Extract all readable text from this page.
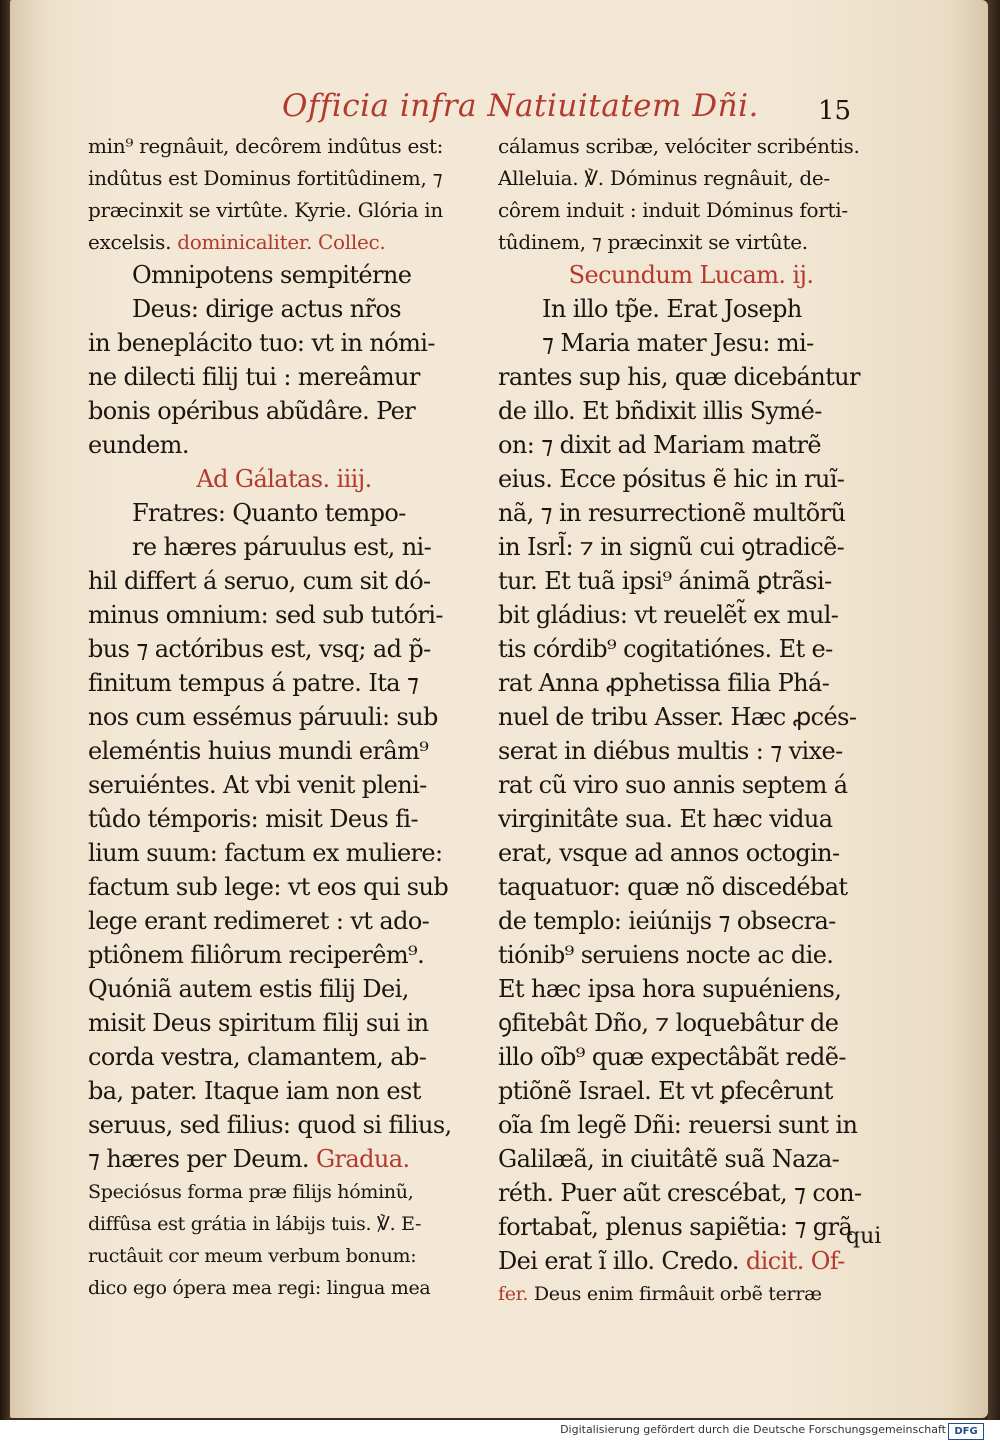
Officia infra Natiuitatem Dñi. 15
min⁹ regnâuit, decôrem indûtus est:
indûtus est Dominus fortitûdinem, ⁊
præcinxit se virtûte. Kyrie. Glória in
excelsis. dominicaliter. Collec.
Omnipotens sempitérne
Deus: dirige actus nr̃os
in beneplácito tuo: vt in nómi-
ne dilecti filij tui : mereâmur
bonis opéribus abũdâre. Per
eundem.
Ad Gálatas. iiij.
Fratres: Quanto tempo-
re hæres páruulus est, ni-
hil differt á seruo, cum sit dó-
minus omnium: sed sub tutóri-
bus ⁊ actóribus est, vsq; ad p̃-
finitum tempus á patre. Ita ⁊
nos cum essémus páruuli: sub
eleméntis huius mundi erâm⁹
seruiéntes. At vbi venit pleni-
tûdo témporis: misit Deus fi-
lium suum: factum ex muliere:
factum sub lege: vt eos qui sub
lege erant redimeret : vt ado-
ptiônem filiôrum reciperêm⁹.
Quóniã autem estis filij Dei,
misit Deus spiritum filij sui in
corda vestra, clamantem, ab-
ba, pater. Itaque iam non est
seruus, sed filius: quod si filius,
⁊ hæres per Deum. Gradua.
Speciósus forma præ filijs hóminũ,
diffûsa est grátia in lábijs tuis. ℣. E-
ructâuit cor meum verbum bonum:
dico ego ópera mea regi: lingua mea
cálamus scribæ, velóciter scribéntis.
Alleluia. ℣. Dóminus regnâuit, de-
côrem induit : induit Dóminus forti-
tûdinem, ⁊ præcinxit se virtûte.
Secundum Lucam. ij.
In illo tp̃e. Erat Joseph
⁊ Maria mater Jesu: mi-
rantes sup his, quæ dicebántur
de illo. Et bñdixit illis Symé-
on: ⁊ dixit ad Mariam matrẽ
eius. Ecce pósitus ẽ hic in ruĩ-
nã, ⁊ in resurrectionẽ multõrũ
in Isrl̃: ⁊ in signũ cui ꝯtradicẽ-
tur. Et tuã ipsi⁹ ánimã ꝑtrãsi-
bit gládius: vt reuelẽt̃ ex mul-
tis córdib⁹ cogitatiónes. Et e-
rat Anna ꝓphetissa filia Phá-
nuel de tribu Asser. Hæc ꝓcés-
serat in diébus multis : ⁊ vixe-
rat cũ viro suo annis septem á
virginitâte sua. Et hæc vidua
erat, vsque ad annos octogin-
taquatuor: quæ nõ discedébat
de templo: ieiúnijs ⁊ obsecra-
tiónib⁹ seruiens nocte ac die.
Et hæc ipsa hora supuéniens,
ꝯfitebât Dño, ⁊ loquebâtur de
illo oĩb⁹ quæ expectâbãt redẽ-
ptiõnẽ Israel. Et vt ꝑfecêrunt
oĩa ſm legẽ Dñi: reuersi sunt in
Galilæã, in ciuitâtẽ suã Naza-
réth. Puer aũt crescébat, ⁊ con-
fortabat̃, plenus sapiẽtia: ⁊ grã
Dei erat ĩ illo. Credo. dicit. Of-
fer. Deus enim firmâuit orbẽ terræ
qui
Digitalisierung gefördert durch die Deutsche Forschungsgemeinschaft DFG
